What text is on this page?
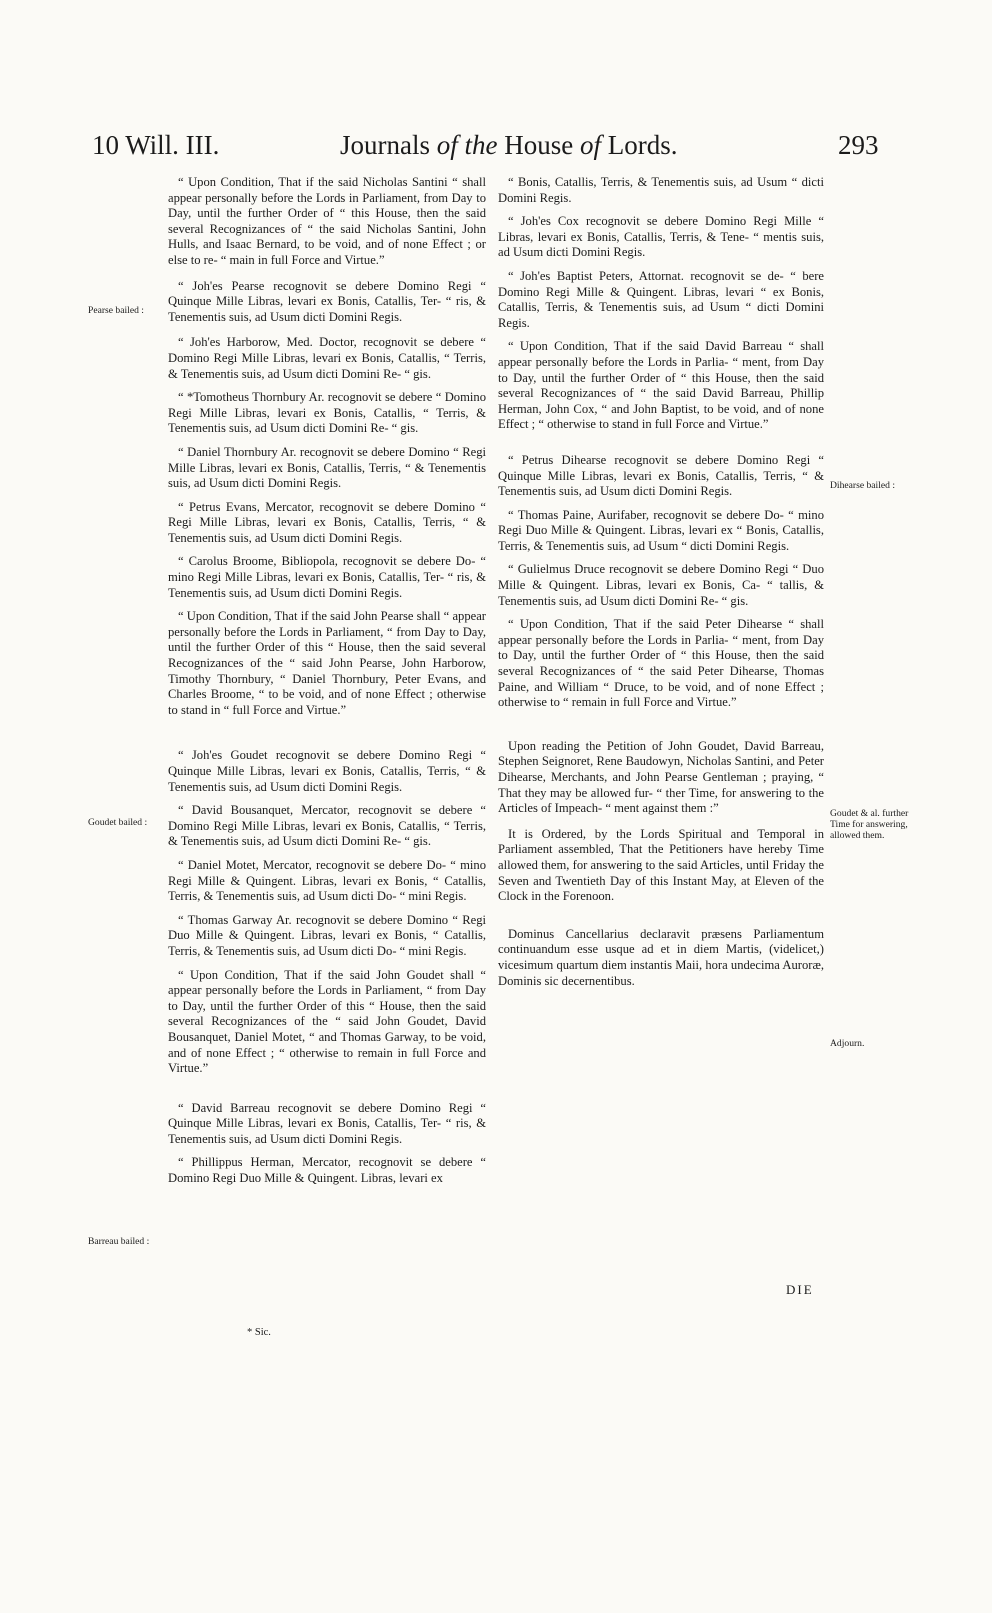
10 Will. III.	Journals of the House of Lords.	293

“ Upon Condition, That if the said Nicholas Santini “ shall appear personally before the Lords in Parliament, from Day to Day, until the further Order of “ this House, then the said several Recognizances of “ the said Nicholas Santini, John Hulls, and Isaac Bernard, to be void, and of none Effect ; or else to re- “ main in full Force and Virtue.”

“ Joh'es Pearse recognovit se debere Domino Regi “ Quinque Mille Libras, levari ex Bonis, Catallis, Ter- “ ris, & Tenementis suis, ad Usum dicti Domini Regis.

“ Joh'es Harborow, Med. Doctor, recognovit se debere “ Domino Regi Mille Libras, levari ex Bonis, Catallis, “ Terris, & Tenementis suis, ad Usum dicti Domini Re- “ gis.

“ *Tomotheus Thornbury Ar. recognovit se debere “ Domino Regi Mille Libras, levari ex Bonis, Catallis, “ Terris, & Tenementis suis, ad Usum dicti Domini Re- “ gis.

“ Daniel Thornbury Ar. recognovit se debere Domino “ Regi Mille Libras, levari ex Bonis, Catallis, Terris, “ & Tenementis suis, ad Usum dicti Domini Regis.

“ Petrus Evans, Mercator, recognovit se debere Domino “ Regi Mille Libras, levari ex Bonis, Catallis, Terris, “ & Tenementis suis, ad Usum dicti Domini Regis.

“ Carolus Broome, Bibliopola, recognovit se debere Do- “ mino Regi Mille Libras, levari ex Bonis, Catallis, Ter- “ ris, & Tenementis suis, ad Usum dicti Domini Regis.

“ Upon Condition, That if the said John Pearse shall “ appear personally before the Lords in Parliament, “ from Day to Day, until the further Order of this “ House, then the said several Recognizances of the “ said John Pearse, John Harborow, Timothy Thornbury, “ Daniel Thornbury, Peter Evans, and Charles Broome, “ to be void, and of none Effect ; otherwise to stand in “ full Force and Virtue.”

“ Joh'es Goudet recognovit se debere Domino Regi “ Quinque Mille Libras, levari ex Bonis, Catallis, Terris, “ & Tenementis suis, ad Usum dicti Domini Regis.

“ David Bousanquet, Mercator, recognovit se debere “ Domino Regi Mille Libras, levari ex Bonis, Catallis, “ Terris, & Tenementis suis, ad Usum dicti Domini Re- “ gis.

“ Daniel Motet, Mercator, recognovit se debere Do- “ mino Regi Mille & Quingent. Libras, levari ex Bonis, “ Catallis, Terris, & Tenementis suis, ad Usum dicti Do- “ mini Regis.

“ Thomas Garway Ar. recognovit se debere Domino “ Regi Duo Mille & Quingent. Libras, levari ex Bonis, “ Catallis, Terris, & Tenementis suis, ad Usum dicti Do- “ mini Regis.

“ Upon Condition, That if the said John Goudet shall “ appear personally before the Lords in Parliament, “ from Day to Day, until the further Order of this “ House, then the said several Recognizances of the “ said John Goudet, David Bousanquet, Daniel Motet, “ and Thomas Garway, to be void, and of none Effect ; “ otherwise to remain in full Force and Virtue.”

“ David Barreau recognovit se debere Domino Regi “ Quinque Mille Libras, levari ex Bonis, Catallis, Ter- “ ris, & Tenementis suis, ad Usum dicti Domini Regis.

“ Phillippus Herman, Mercator, recognovit se debere “ Domino Regi Duo Mille & Quingent. Libras, levari ex

“ Bonis, Catallis, Terris, & Tenementis suis, ad Usum “ dicti Domini Regis.

“ Joh'es Cox recognovit se debere Domino Regi Mille “ Libras, levari ex Bonis, Catallis, Terris, & Tene- “ mentis suis, ad Usum dicti Domini Regis.

“ Joh'es Baptist Peters, Attornat. recognovit se de- “ bere Domino Regi Mille & Quingent. Libras, levari “ ex Bonis, Catallis, Terris, & Tenementis suis, ad Usum “ dicti Domini Regis.

“ Upon Condition, That if the said David Barreau “ shall appear personally before the Lords in Parlia- “ ment, from Day to Day, until the further Order of “ this House, then the said several Recognizances of “ the said David Barreau, Phillip Herman, John Cox, “ and John Baptist, to be void, and of none Effect ; “ otherwise to stand in full Force and Virtue.”

“ Petrus Dihearse recognovit se debere Domino Regi “ Quinque Mille Libras, levari ex Bonis, Catallis, Terris, “ & Tenementis suis, ad Usum dicti Domini Regis.

“ Thomas Paine, Aurifaber, recognovit se debere Do- “ mino Regi Duo Mille & Quingent. Libras, levari ex “ Bonis, Catallis, Terris, & Tenementis suis, ad Usum “ dicti Domini Regis.

“ Gulielmus Druce recognovit se debere Domino Regi “ Duo Mille & Quingent. Libras, levari ex Bonis, Ca- “ tallis, & Tenementis suis, ad Usum dicti Domini Re- “ gis.

“ Upon Condition, That if the said Peter Dihearse “ shall appear personally before the Lords in Parlia- “ ment, from Day to Day, until the further Order of “ this House, then the said several Recognizances of “ the said Peter Dihearse, Thomas Paine, and William “ Druce, to be void, and of none Effect ; otherwise to “ remain in full Force and Virtue.”

Upon reading the Petition of John Goudet, David Barreau, Stephen Seignoret, Rene Baudowyn, Nicholas Santini, and Peter Dihearse, Merchants, and John Pearse Gentleman ; praying, “ That they may be allowed fur- “ ther Time, for answering to the Articles of Impeach- “ ment against them :”

It is Ordered, by the Lords Spiritual and Temporal in Parliament assembled, That the Petitioners have hereby Time allowed them, for answering to the said Articles, until Friday the Seven and Twentieth Day of this Instant May, at Eleven of the Clock in the Forenoon.

Dominus Cancellarius declaravit præsens Parliamentum continuandum esse usque ad et in diem Martis, (videlicet,) vicesimum quartum diem instantis Maii, hora undecima Auroræ, Dominis sic decernentibus.

Pearse bailed :
Goudet bailed :
Barreau bailed :
Dihearse bailed :
Goudet & al. further Time for answering, allowed them.
Adjourn.
* Sic.
DIE
